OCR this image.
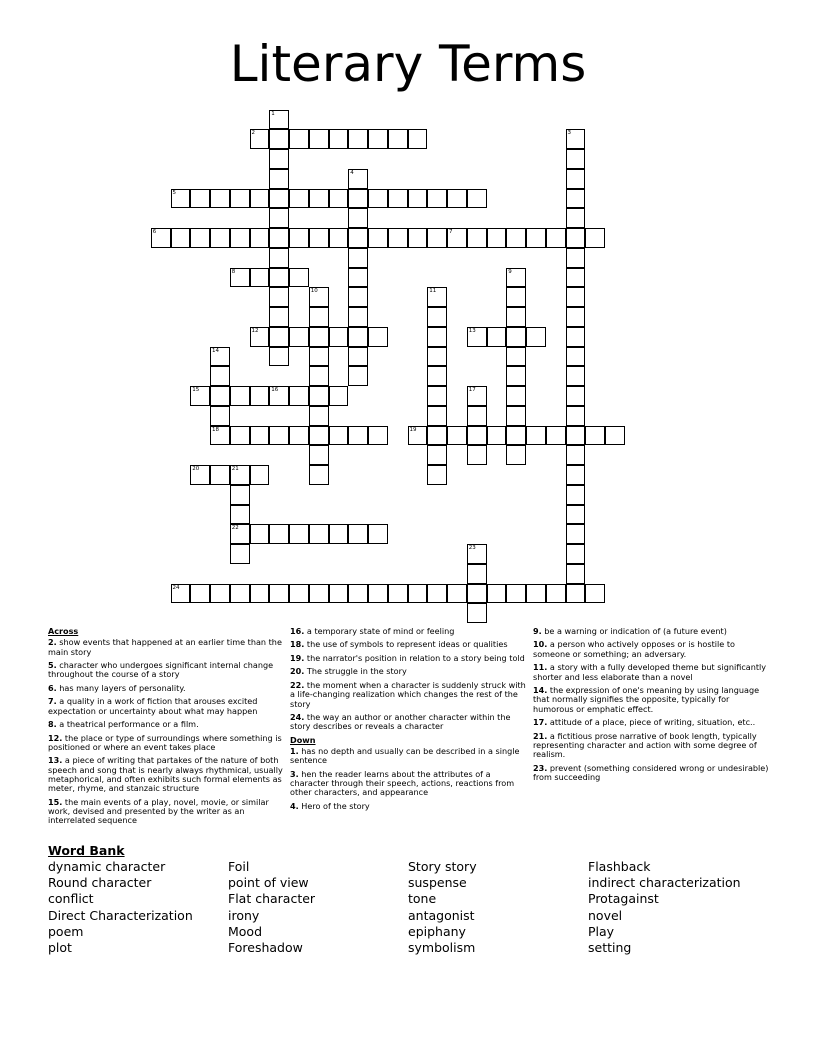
Literary Terms
1
2	3
4
5
6	7
8	9
10	11
12	13
14
18
15	16	17
19
20	21
22
23
24
Across
2. show events that happened at an earlier time than the main story
5. character who undergoes significant internal change throughout the course of a story
6. has many layers of personality.
7. a quality in a work of fiction that arouses excited expectation or uncertainty about what may happen
8. a theatrical performance or a film.
12. the place or type of surroundings where something is positioned or where an event takes place
13. a piece of writing that partakes of the nature of both speech and song that is nearly always rhythmical, usually metaphorical, and often exhibits such formal elements as meter, rhyme, and stanzaic structure
15. the main events of a play, novel, movie, or similar work, devised and presented by the writer as an interrelated sequence
16. a temporary state of mind or feeling
18. the use of symbols to represent ideas or qualities
19. the narrator's position in relation to a story being told
20. The struggle in the story
22. the moment when a character is suddenly struck with a life-changing realization which changes the rest of the story
24. the way an author or another character within the story describes or reveals a character
Down
1. has no depth and usually can be described in a single sentence
3. hen the reader learns about the attributes of a character through their speech, actions, reactions from other characters, and appearance
4. Hero of the story
9. be a warning or indication of (a future event)
10. a person who actively opposes or is hostile to someone or something; an adversary.
11. a story with a fully developed theme but significantly shorter and less elaborate than a novel
14. the expression of one's meaning by using language that normally signifies the opposite, typically for humorous or emphatic effect.
17. attitude of a place, piece of writing, situation, etc..
21. a fictitious prose narrative of book length, typically representing character and action with some degree of realism.
23. prevent (something considered wrong or undesirable) from succeeding
Word Bank
dynamic character
Round character
conflict
Direct Characterization
poem
plot
Foil
point of view
Flat character
irony
Mood
Foreshadow
Story story
suspense
tone
antagonist
epiphany
symbolism
Flashback
indirect characterization
Protagainst
novel
Play
setting
